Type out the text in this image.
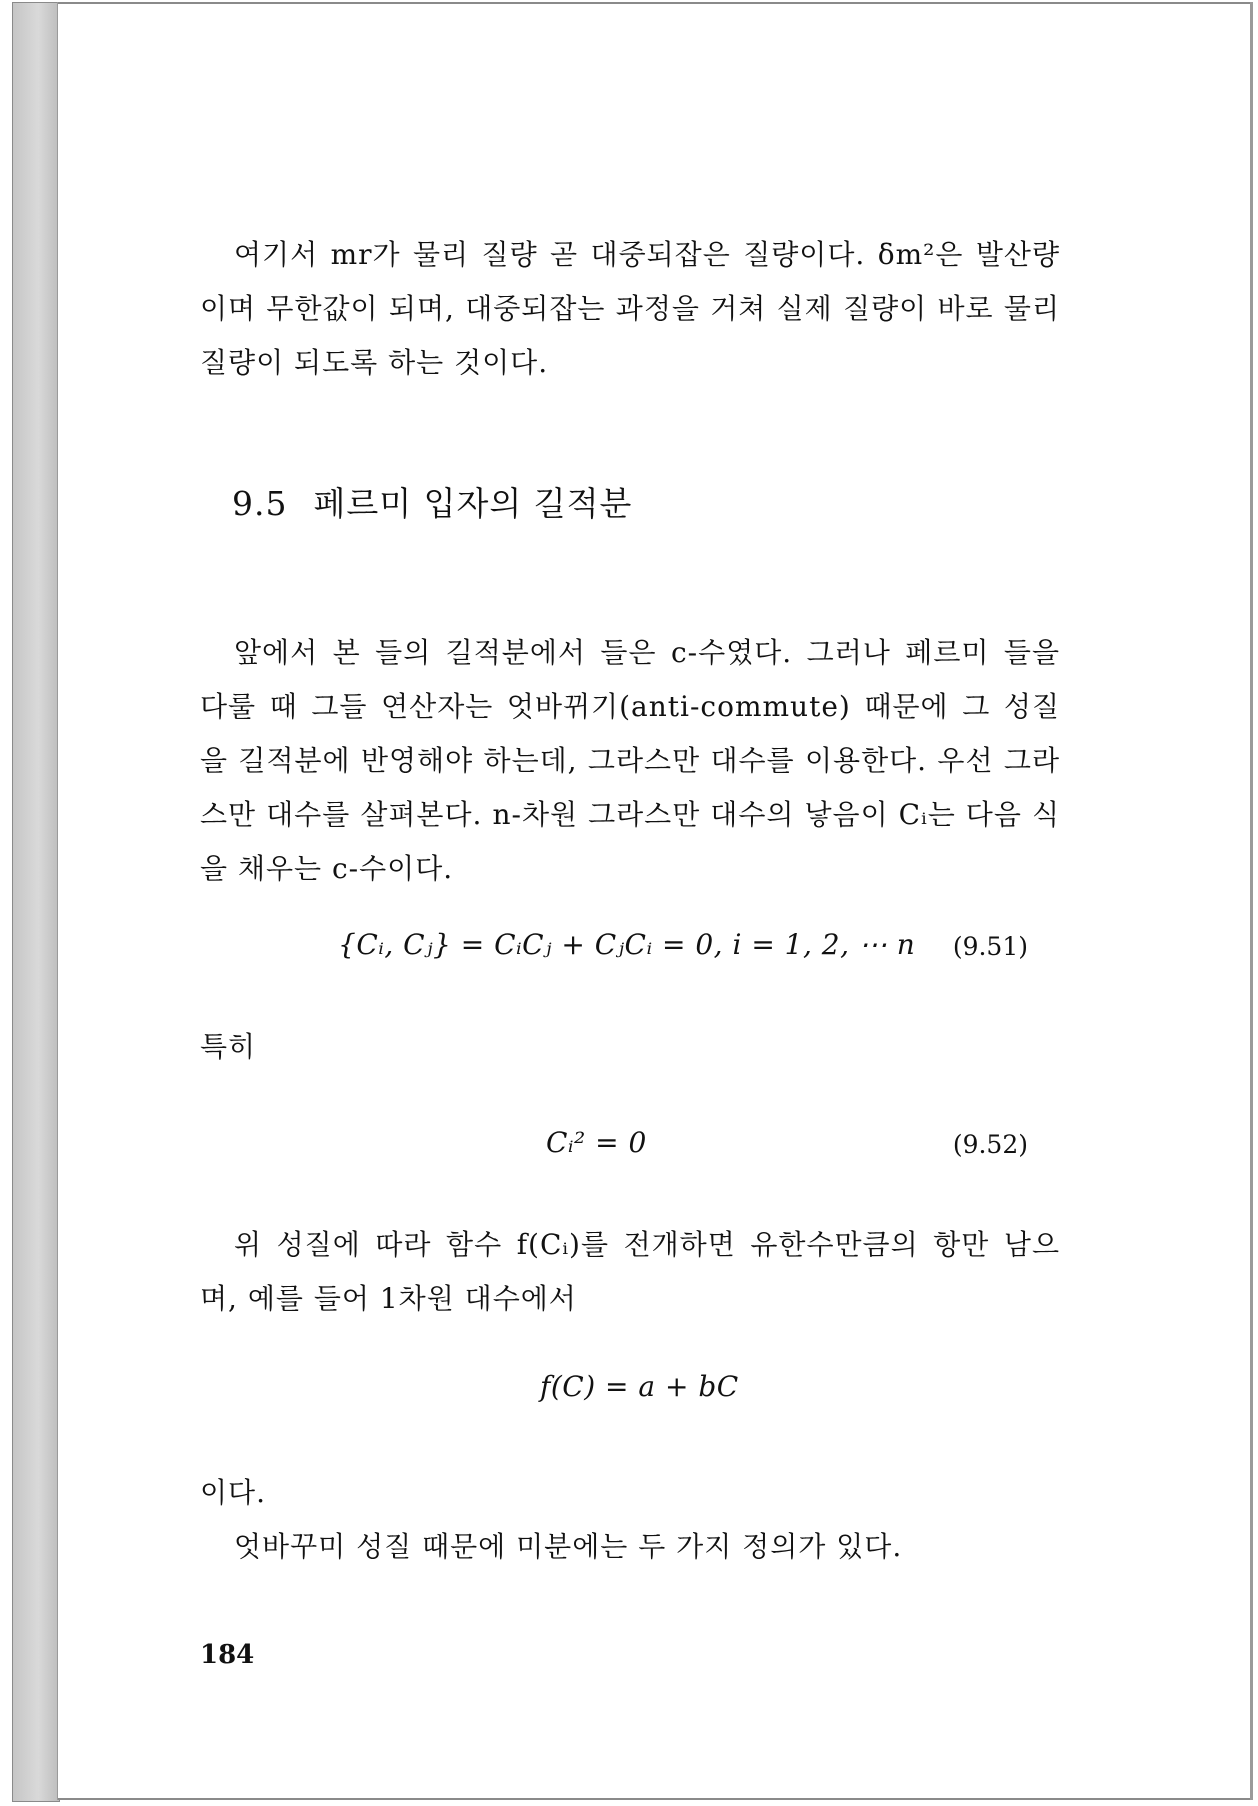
여기서 mr가 물리 질량 곧 대중되잡은 질량이다. δm²은 발산량이며 무한값이 되며, 대중되잡는 과정을 거쳐 실제 질량이 바로 물리 질량이 되도록 하는 것이다.

9.5 페르미 입자의 길적분

앞에서 본 들의 길적분에서 들은 c-수였다. 그러나 페르미 들을 다룰 때 그들 연산자는 엇바뀌기(anti-commute) 때문에 그 성질을 길적분에 반영해야 하는데, 그라스만 대수를 이용한다. 우선 그라스만 대수를 살펴본다. n-차원 그라스만 대수의 낳음이 Cᵢ는 다음 식을 채우는 c-수이다.

{Cᵢ, Cⱼ} = CᵢCⱼ + CⱼCᵢ = 0, i = 1, 2, ⋯ n (9.51)

특히

Cᵢ² = 0	(9.52)

위 성질에 따라 함수 f(Cᵢ)를 전개하면 유한수만큼의 항만 남으며, 예를 들어 1차원 대수에서

f(C) = a + bC

이다.

엇바꾸미 성질 때문에 미분에는 두 가지 정의가 있다.

184
